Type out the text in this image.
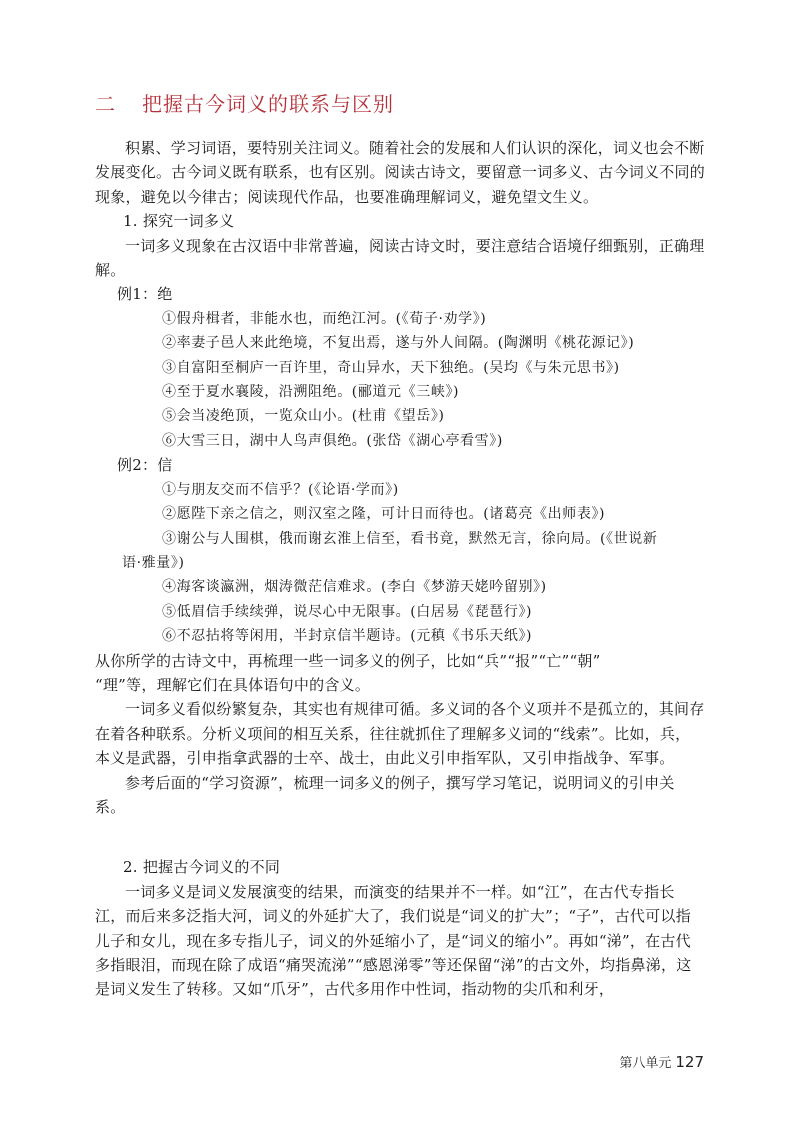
二 把握古今词义的联系与区别

积累、学习词语，要特别关注词义。随着社会的发展和人们认识的深化，词义也会不断发展变化。古今词义既有联系，也有区别。阅读古诗文，要留意一词多义、古今词义不同的现象，避免以今律古；阅读现代作品，也要准确理解词义，避免望文生义。

1. 探究一词多义

一词多义现象在古汉语中非常普遍，阅读古诗文时，要注意结合语境仔细甄别，正确理解。

例1：绝

①假舟楫者，非能水也，而绝江河。(《荀子·劝学》)

②率妻子邑人来此绝境，不复出焉，遂与外人间隔。(陶渊明《桃花源记》)

③自富阳至桐庐一百许里，奇山异水，天下独绝。(吴均《与朱元思书》)

④至于夏水襄陵，沿溯阻绝。(郦道元《三峡》)

⑤会当凌绝顶，一览众山小。(杜甫《望岳》)

⑥大雪三日，湖中人鸟声俱绝。(张岱《湖心亭看雪》)

例2：信

①与朋友交而不信乎？(《论语·学而》)

②愿陛下亲之信之，则汉室之隆，可计日而待也。(诸葛亮《出师表》)

③谢公与人围棋，俄而谢玄淮上信至，看书竟，默然无言，徐向局。(《世说新

语·雅量》)

④海客谈瀛洲，烟涛微茫信难求。(李白《梦游天姥吟留别》)

⑤低眉信手续续弹，说尽心中无限事。(白居易《琵琶行》)

⑥不忍拈将等闲用，半封京信半题诗。(元稹《书乐天纸》)

从你所学的古诗文中，再梳理一些一词多义的例子，比如“兵”“报”“亡”“朝”

“理”等，理解它们在具体语句中的含义。

一词多义看似纷繁复杂，其实也有规律可循。多义词的各个义项并不是孤立的，其间存在着各种联系。分析义项间的相互关系，往往就抓住了理解多义词的“线索”。比如，兵，本义是武器，引申指拿武器的士卒、战士，由此义引申指军队，又引申指战争、军事。

参考后面的“学习资源”，梳理一词多义的例子，撰写学习笔记，说明词义的引申关系。

2. 把握古今词义的不同

一词多义是词义发展演变的结果，而演变的结果并不一样。如“江”，在古代专指长江，而后来多泛指大河，词义的外延扩大了，我们说是“词义的扩大”；“子”，古代可以指儿子和女儿，现在多专指儿子，词义的外延缩小了，是“词义的缩小”。再如“涕”，在古代多指眼泪，而现在除了成语“痛哭流涕”“感恩涕零”等还保留“涕”的古文外，均指鼻涕，这是词义发生了转移。又如“爪牙”，古代多用作中性词，指动物的尖爪和利牙，

第八单元 127
